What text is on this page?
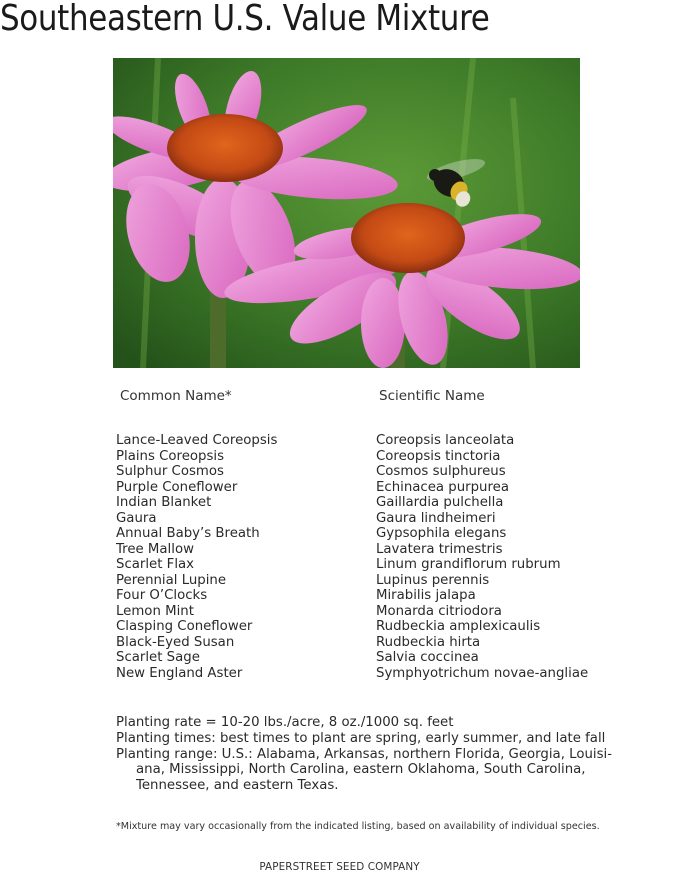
Southeastern U.S. Value Mixture
Common Name*	Scientific Name
Lance-Leaved Coreopsis
Plains Coreopsis
Sulphur Cosmos
Purple Coneflower
Indian Blanket
Gaura
Annual Baby’s Breath
Tree Mallow
Scarlet Flax
Perennial Lupine
Four O’Clocks
Lemon Mint
Clasping Coneflower
Black-Eyed Susan
Scarlet Sage
New England Aster
Coreopsis lanceolata
Coreopsis tinctoria
Cosmos sulphureus
Echinacea purpurea
Gaillardia pulchella
Gaura lindheimeri
Gypsophila elegans
Lavatera trimestris
Linum grandiflorum rubrum
Lupinus perennis
Mirabilis jalapa
Monarda citriodora
Rudbeckia amplexicaulis
Rudbeckia hirta
Salvia coccinea
Symphyotrichum novae-angliae
Planting rate = 10-20 lbs./acre, 8 oz./1000 sq. feet
Planting times: best times to plant are spring, early summer, and late fall
Planting range: U.S.: Alabama, Arkansas, northern Florida, Georgia, Louisi-
ana, Mississippi, North Carolina, eastern Oklahoma, South Carolina,
Tennessee, and eastern Texas.
*Mixture may vary occasionally from the indicated listing, based on availability of individual species.
PAPERSTREET SEED COMPANY
